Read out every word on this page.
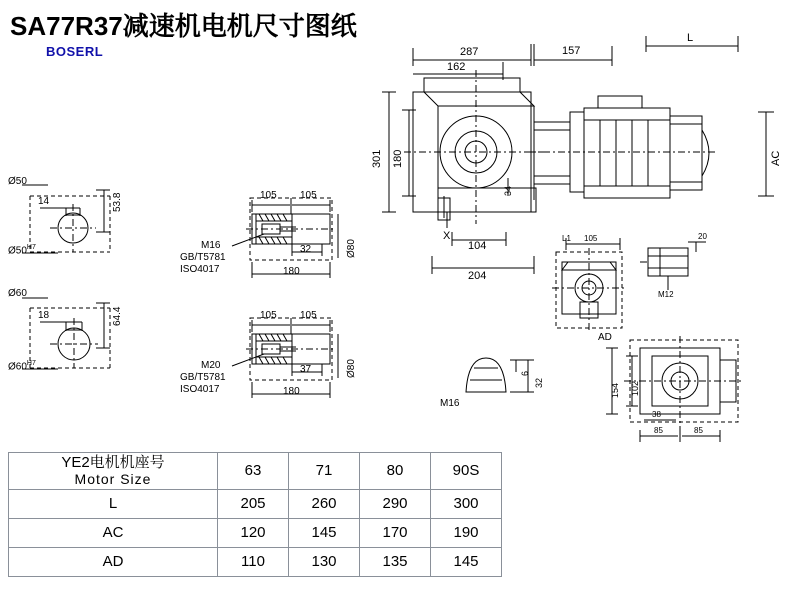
SA77R37减速机电机尺寸图纸
BOSERL
Ø50
$Ø50^{H7}$
14	53.8
Ø60
$Ø60^{H7}$
18	64.4
105 105
M16
GB/T5781
ISO4017
32
180
Ø80
105 105
M20
GB/T5781
ISO4017
37
180
Ø80
287
162
157
L
301 180
34
104
204
AC
X
M16
6
32
L1 105	20
M12
AD
154 102
38
85	85
YE2电机机座号
Motor Size	63	71	80	90S
L	205	260	290	300
AC	120	145	170	190
AD	110	130	135	145
